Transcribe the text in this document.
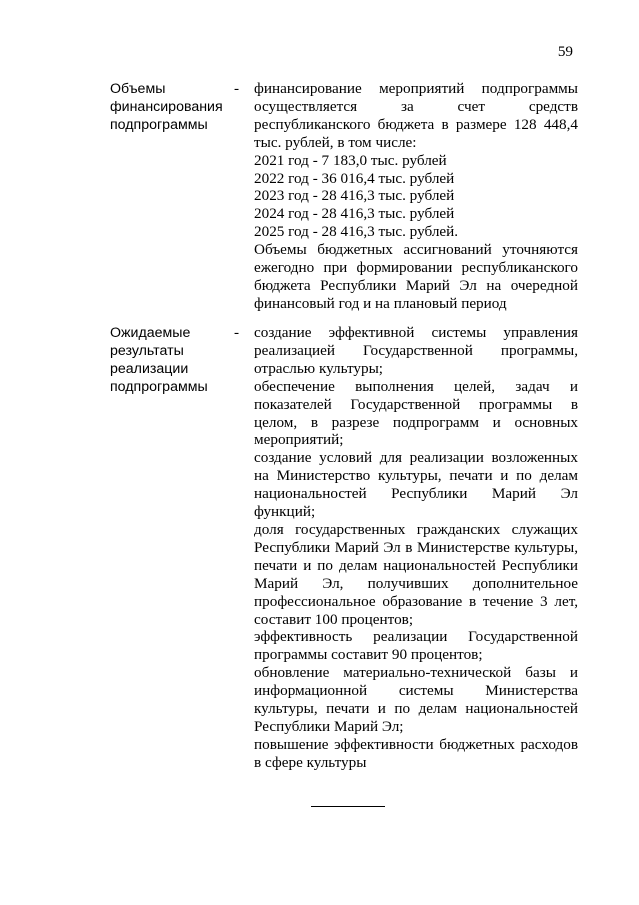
59
Объемы финансирования подпрограммы
- финансирование мероприятий подпрограммы осуществляется за счет средств республиканского бюджета в размере 128 448,4 тыс. рублей, в том числе:

2021 год - 7 183,0 тыс. рублей

2022 год - 36 016,4 тыс. рублей

2023 год - 28 416,3 тыс. рублей

2024 год - 28 416,3 тыс. рублей

2025 год - 28 416,3 тыс. рублей.

Объемы бюджетных ассигнований уточняются ежегодно при формировании республиканского бюджета Республики Марий Эл на очередной финансовый год и на плановый период

Ожидаемые результаты реализации подпрограммы
- создание эффективной системы управления реализацией Государственной программы, отраслью культуры;

обеспечение выполнения целей, задач и показателей Государственной программы в целом, в разрезе подпрограмм и основных мероприятий;

создание условий для реализации возложенных на Министерство культуры, печати и по делам национальностей Республики Марий Эл функций;

доля государственных гражданских служащих Республики Марий Эл в Министерстве культуры, печати и по делам национальностей Республики Марий Эл, получивших дополнительное профессиональное образование в течение 3 лет, составит 100 процентов;

эффективность реализации Государственной программы составит 90 процентов;

обновление материально-технической базы и информационной системы Министерства культуры, печати и по делам национальностей Республики Марий Эл;

повышение эффективности бюджетных расходов в сфере культуры
